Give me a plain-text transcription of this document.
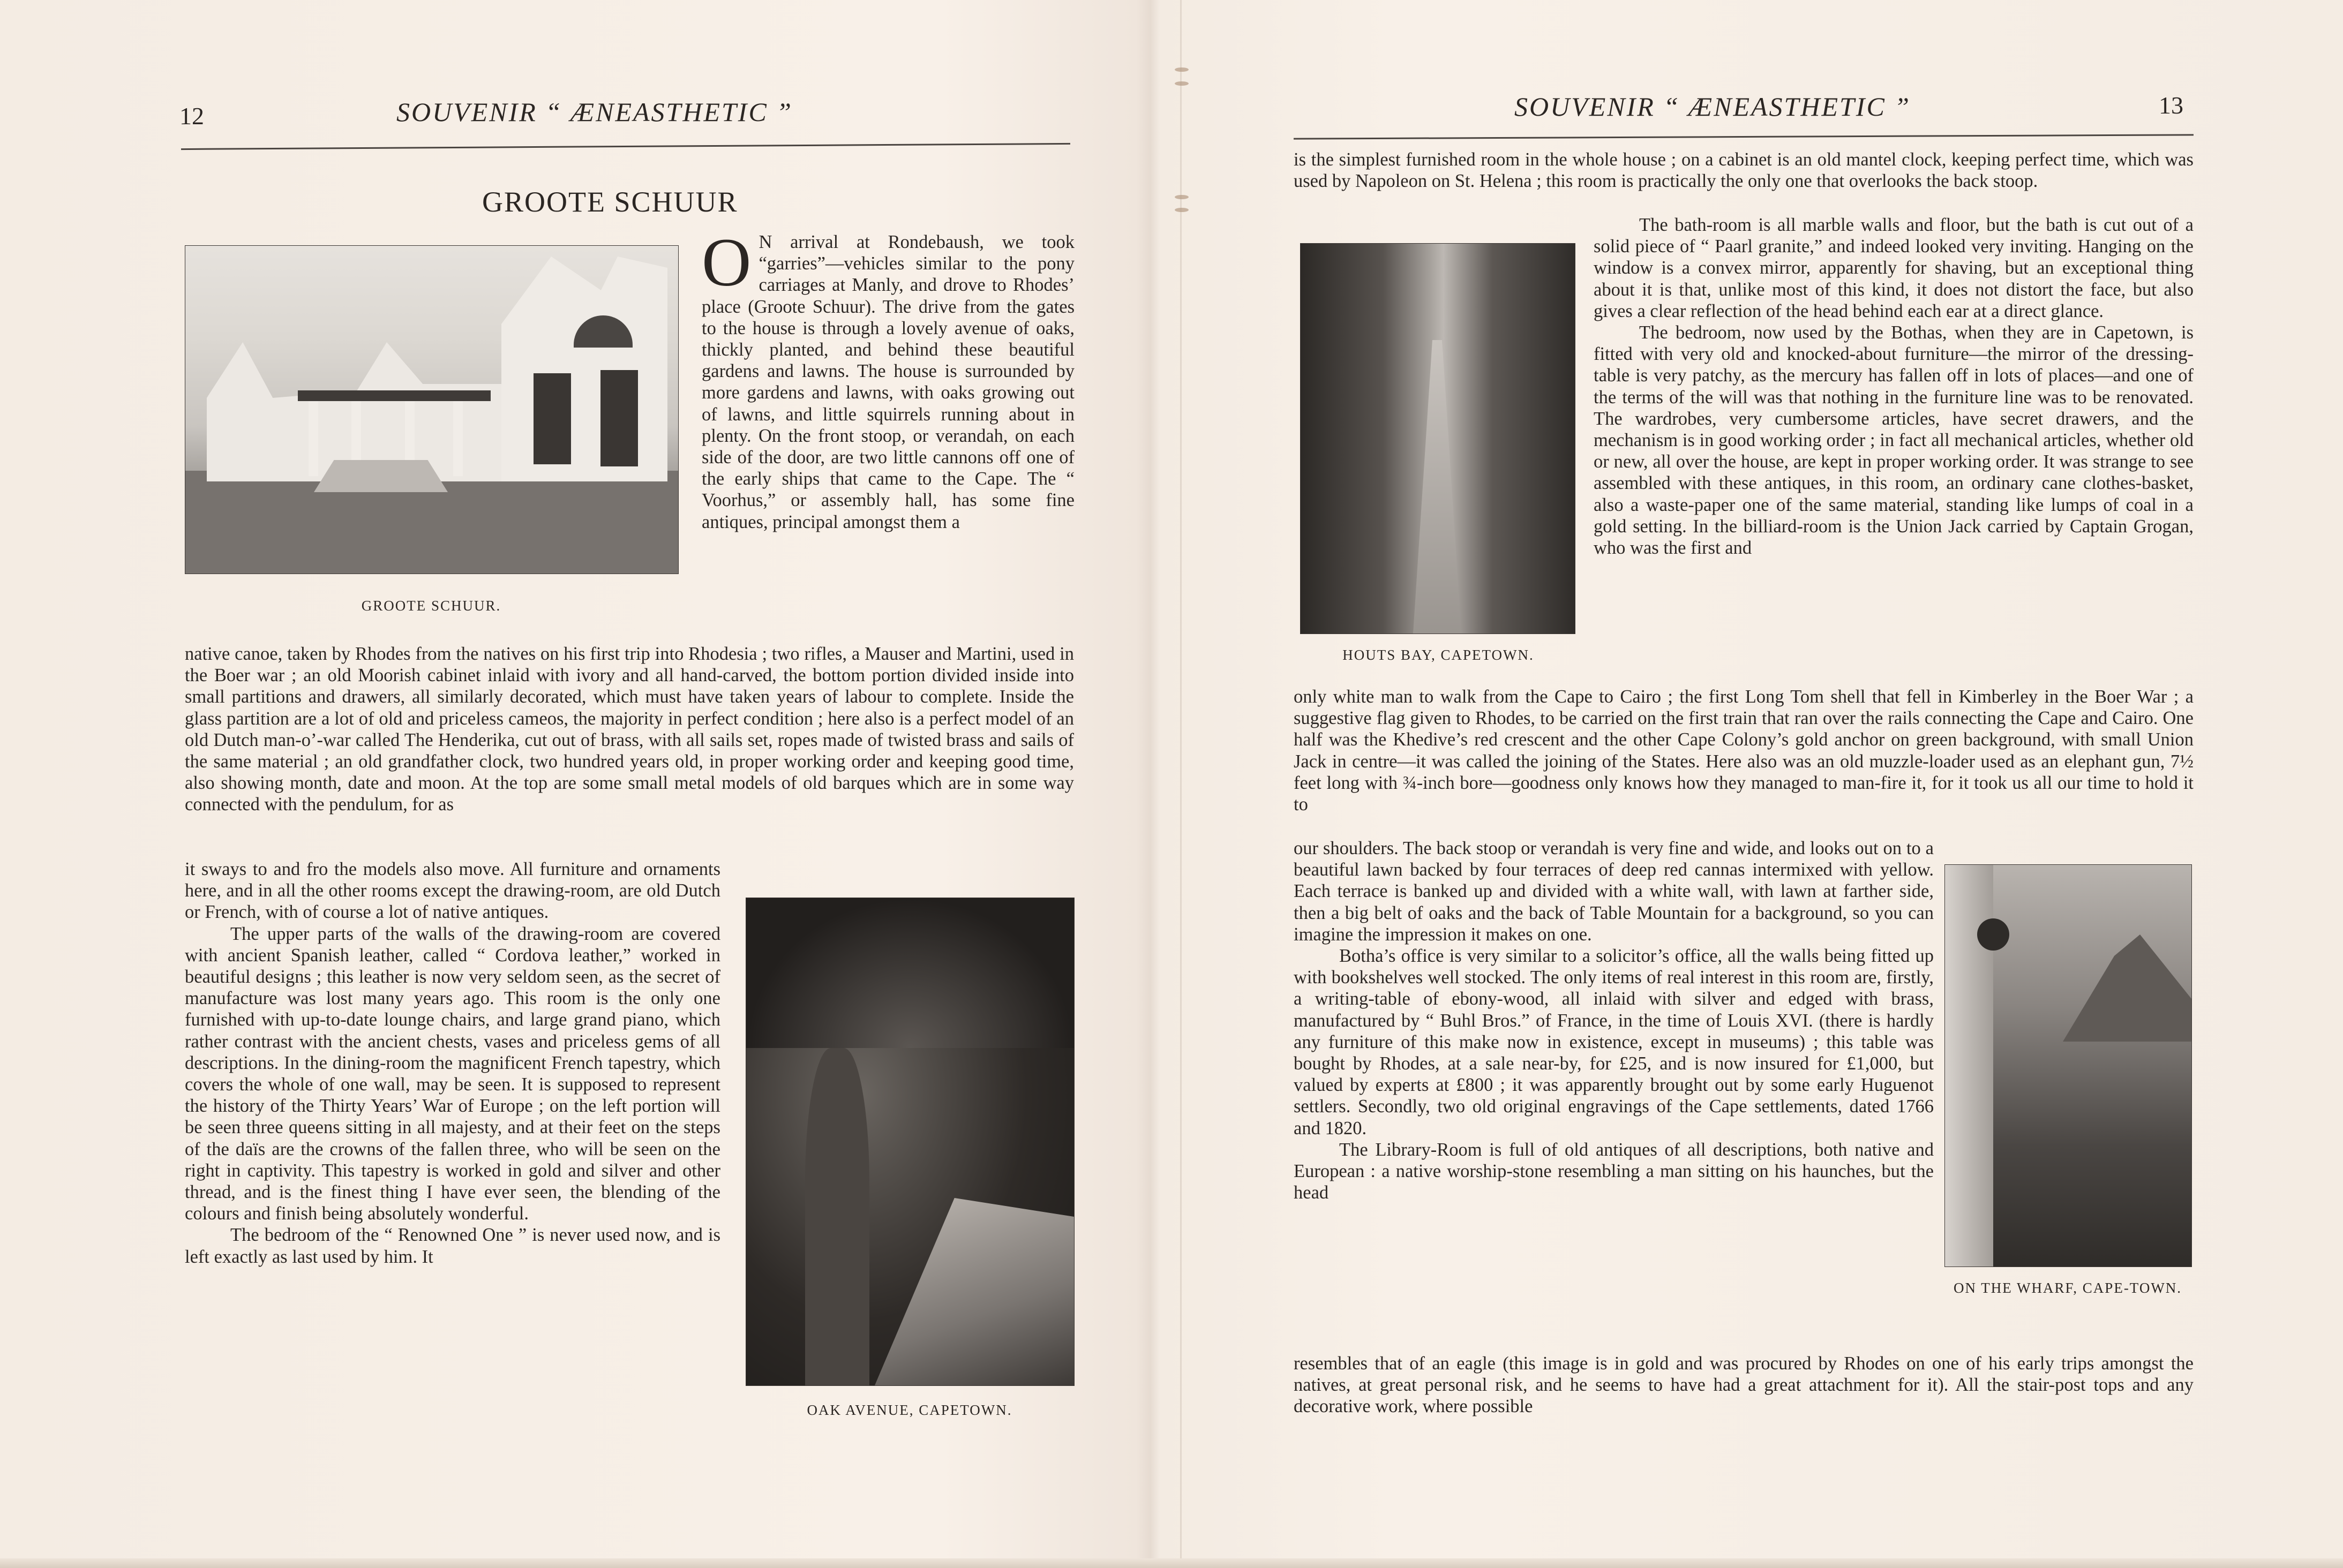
12	SOUVENIR “ ÆNEASTHETIC ”
GROOTE SCHUUR
GROOTE SCHUUR.

O N arrival at Rondebaush, we took “garries”—vehicles similar to the pony carriages at Manly, and drove to Rhodes’ place (Groote Schuur). The drive from the gates to the house is through a lovely avenue of oaks, thickly planted, and behind these beautiful gardens and lawns. The house is surrounded by more gardens and lawns, with oaks growing out of lawns, and little squirrels running about in plenty. On the front stoop, or verandah, on each side of the door, are two little cannons off one of the early ships that came to the Cape. The “ Voorhus,” or assembly hall, has some fine antiques, principal amongst them a

native canoe, taken by Rhodes from the natives on his first trip into Rhodesia ; two rifles, a Mauser and Martini, used in the Boer war ; an old Moorish cabinet inlaid with ivory and all hand-carved, the bottom portion divided inside into small partitions and drawers, all similarly decorated, which must have taken years of labour to complete. Inside the glass partition are a lot of old and priceless cameos, the majority in perfect condition ; here also is a perfect model of an old Dutch man-o’-war called The Henderika, cut out of brass, with all sails set, ropes made of twisted brass and sails of the same material ; an old grandfather clock, two hundred years old, in proper working order and keeping good time, also showing month, date and moon. At the top are some small metal models of old barques which are in some way connected with the pendulum, for as

it sways to and fro the models also move. All furniture and ornaments here, and in all the other rooms except the drawing-room, are old Dutch or French, with of course a lot of native antiques.

The upper parts of the walls of the drawing-room are covered with ancient Spanish leather, called “ Cordova leather,” worked in beautiful designs ; this leather is now very seldom seen, as the secret of manufacture was lost many years ago. This room is the only one furnished with up-to-date lounge chairs, and large grand piano, which rather contrast with the ancient chests, vases and priceless gems of all descriptions. In the dining-room the magnificent French tapestry, which covers the whole of one wall, may be seen. It is supposed to represent the history of the Thirty Years’ War of Europe ; on the left portion will be seen three queens sitting in all majesty, and at their feet on the steps of the daïs are the crowns of the fallen three, who will be seen on the right in captivity. This tapestry is worked in gold and silver and other thread, and is the finest thing I have ever seen, the blending of the colours and finish being absolutely wonderful.

The bedroom of the “ Renowned One ” is never used now, and is left exactly as last used by him. It

OAK AVENUE, CAPETOWN.
SOUVENIR “ ÆNEASTHETIC ”	13

is the simplest furnished room in the whole house ; on a cabinet is an old mantel clock, keeping perfect time, which was used by Napoleon on St. Helena ; this room is practically the only one that overlooks the back stoop.

HOUTS BAY, CAPETOWN.

The bath-room is all marble walls and floor, but the bath is cut out of a solid piece of “ Paarl granite,” and indeed looked very inviting. Hanging on the window is a convex mirror, apparently for shaving, but an exceptional thing about it is that, unlike most of this kind, it does not distort the face, but also gives a clear reflection of the head behind each ear at a direct glance.

The bedroom, now used by the Bothas, when they are in Capetown, is fitted with very old and knocked-about furniture—the mirror of the dressing-table is very patchy, as the mercury has fallen off in lots of places—and one of the terms of the will was that nothing in the furniture line was to be renovated. The wardrobes, very cumbersome articles, have secret drawers, and the mechanism is in good working order ; in fact all mechanical articles, whether old or new, all over the house, are kept in proper working order. It was strange to see assembled with these antiques, in this room, an ordinary cane clothes-basket, also a waste-paper one of the same material, standing like lumps of coal in a gold setting. In the billiard-room is the Union Jack carried by Captain Grogan, who was the first and

only white man to walk from the Cape to Cairo ; the first Long Tom shell that fell in Kimberley in the Boer War ; a suggestive flag given to Rhodes, to be carried on the first train that ran over the rails connecting the Cape and Cairo. One half was the Khedive’s red crescent and the other Cape Colony’s gold anchor on green background, with small Union Jack in centre—it was called the joining of the States. Here also was an old muzzle-loader used as an elephant gun, 7½ feet long with ¾-inch bore—goodness only knows how they managed to man-fire it, for it took us all our time to hold it to

our shoulders. The back stoop or verandah is very fine and wide, and looks out on to a beautiful lawn backed by four terraces of deep red cannas intermixed with yellow. Each terrace is banked up and divided with a white wall, with lawn at farther side, then a big belt of oaks and the back of Table Mountain for a background, so you can imagine the impression it makes on one.

Botha’s office is very similar to a solicitor’s office, all the walls being fitted up with bookshelves well stocked. The only items of real interest in this room are, firstly, a writing-table of ebony-wood, all inlaid with silver and edged with brass, manufactured by “ Buhl Bros.” of France, in the time of Louis XVI. (there is hardly any furniture of this make now in existence, except in museums) ; this table was bought by Rhodes, at a sale near-by, for £25, and is now insured for £1,000, but valued by experts at £800 ; it was apparently brought out by some early Huguenot settlers. Secondly, two old original engravings of the Cape settlements, dated 1766 and 1820.

The Library-Room is full of old antiques of all descriptions, both native and European : a native worship-stone resembling a man sitting on his haunches, but the head

ON THE WHARF, CAPE-TOWN.

resembles that of an eagle (this image is in gold and was procured by Rhodes on one of his early trips amongst the natives, at great personal risk, and he seems to have had a great attachment for it). All the stair-post tops and any decorative work, where possible
